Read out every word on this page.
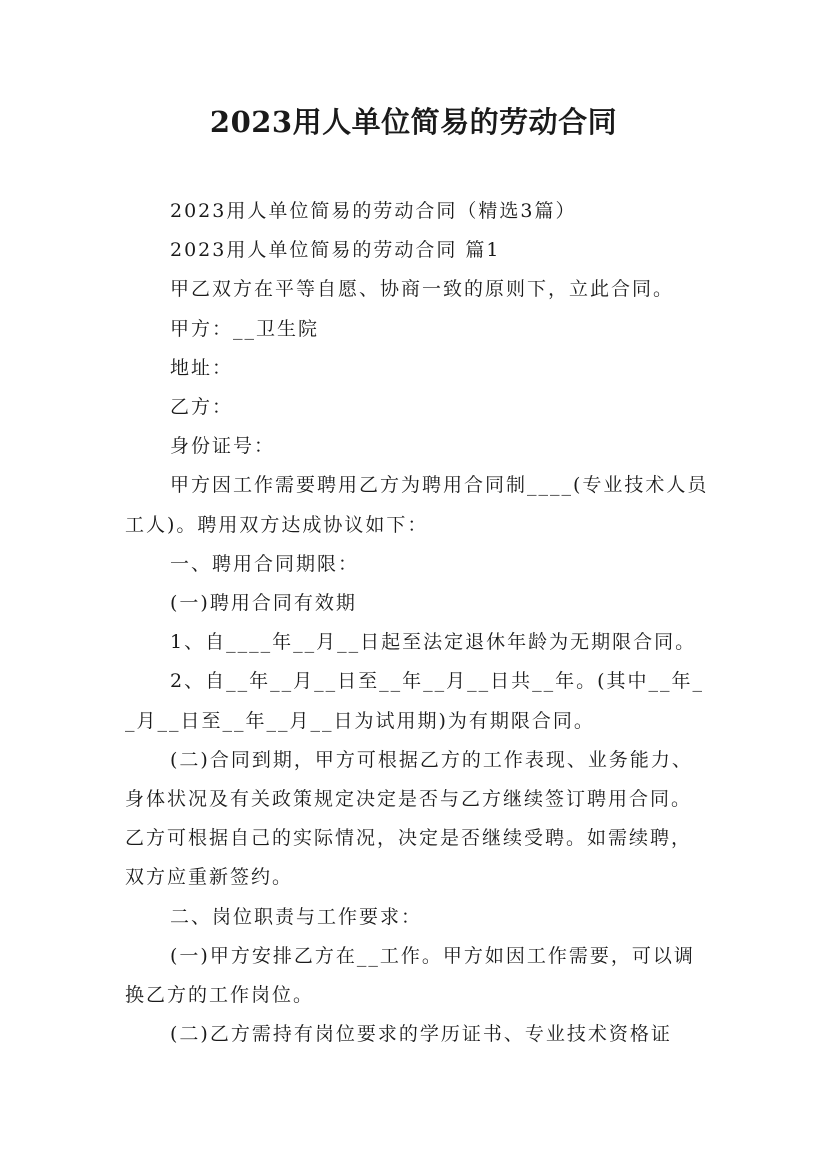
2023用人单位简易的劳动合同

2023用人单位简易的劳动合同（精选3篇）

2023用人单位简易的劳动合同 篇1

甲乙双方在平等自愿、协商一致的原则下，立此合同。

甲方：__卫生院

地址：

乙方：

身份证号：

甲方因工作需要聘用乙方为聘用合同制____(专业技术人员工人)。聘用双方达成协议如下：

一、聘用合同期限：

(一)聘用合同有效期

1、自____年__月__日起至法定退休年龄为无期限合同。

2、自__年__月__日至__年__月__日共__年。(其中__年__月__日至__年__月__日为试用期)为有期限合同。

(二)合同到期，甲方可根据乙方的工作表现、业务能力、身体状况及有关政策规定决定是否与乙方继续签订聘用合同。乙方可根据自己的实际情况，决定是否继续受聘。如需续聘，双方应重新签约。

二、岗位职责与工作要求：

(一)甲方安排乙方在__工作。甲方如因工作需要，可以调换乙方的工作岗位。

(二)乙方需持有岗位要求的学历证书、专业技术资格证
